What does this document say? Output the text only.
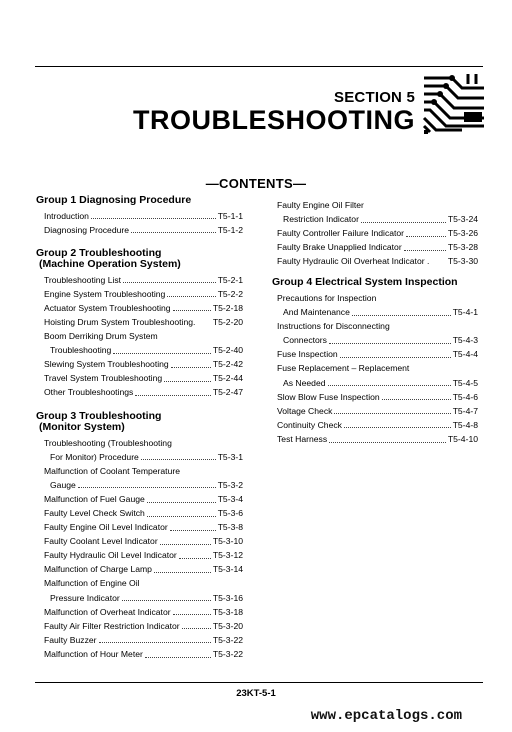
SECTION 5
TROUBLESHOOTING
—CONTENTS—

Group 1 Diagnosing Procedure

Introduction	T5-1-1
Diagnosing Procedure	T5-1-2

Group 2 Troubleshooting

(Machine Operation System)

Troubleshooting List	T5-2-1
Engine System Troubleshooting	T5-2-2
Actuator System Troubleshooting	T5-2-18
Hoisting Drum System Troubleshooting. T5-2-20
Boom Derriking Drum System
Troubleshooting	T5-2-40
Slewing System Troubleshooting	T5-2-42
Travel System Troubleshooting	T5-2-44
Other Troubleshootings	T5-2-47

Group 3 Troubleshooting

(Monitor System)

Troubleshooting (Troubleshooting
For Monitor) Procedure	T5-3-1
Malfunction of Coolant Temperature
Gauge	T5-3-2
Malfunction of Fuel Gauge	T5-3-4
Faulty Level Check Switch	T5-3-6
Faulty Engine Oil Level Indicator	T5-3-8
Faulty Coolant Level Indicator	T5-3-10
Faulty Hydraulic Oil Level Indicator	T5-3-12
Malfunction of Charge Lamp	T5-3-14
Malfunction of Engine Oil
Pressure Indicator	T5-3-16
Malfunction of Overheat Indicator	T5-3-18
Faulty Air Filter Restriction Indicator	T5-3-20
Faulty Buzzer	T5-3-22
Malfunction of Hour Meter	T5-3-22
Faulty Engine Oil Filter
Restriction Indicator	T5-3-24
Faulty Controller Failure Indicator	T5-3-26
Faulty Brake Unapplied Indicator	T5-3-28
Faulty Hydraulic Oil Overheat Indicator . T5-3-30

Group 4 Electrical System Inspection

Precautions for Inspection
And Maintenance	T5-4-1
Instructions for Disconnecting
Connectors	T5-4-3
Fuse Inspection	T5-4-4
Fuse Replacement – Replacement
As Needed	T5-4-5
Slow Blow Fuse Inspection	T5-4-6
Voltage Check	T5-4-7
Continuity Check	T5-4-8
Test Harness	T5-4-10
23KT-5-1
www.epcatalogs.com
